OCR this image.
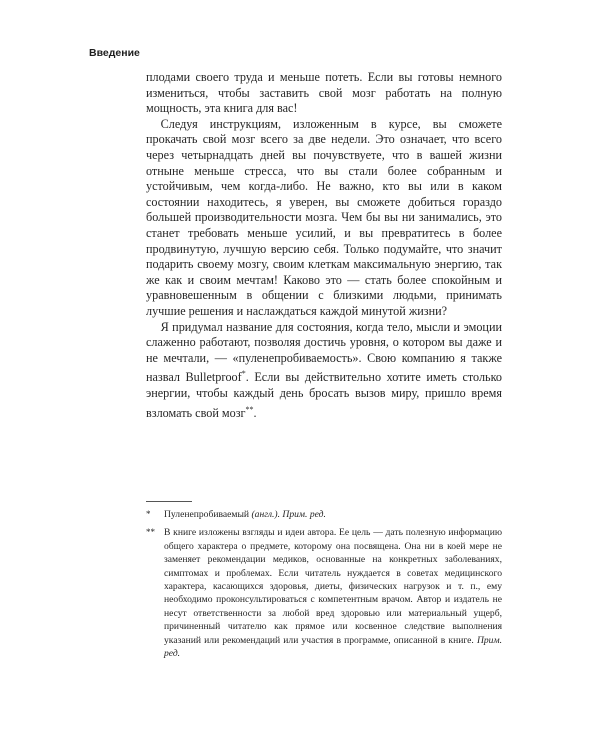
Введение

плодами своего труда и меньше потеть. Если вы готовы немного измениться, чтобы заставить свой мозг работать на полную мощность, эта книга для вас!

Следуя инструкциям, изложенным в курсе, вы сможете прокачать свой мозг всего за две недели. Это означает, что всего через четырнадцать дней вы почувствуете, что в вашей жизни отныне меньше стресса, что вы стали более собранным и устойчивым, чем когда-либо. Не важно, кто вы или в каком состоянии находитесь, я уверен, вы сможете добиться гораздо большей производительности мозга. Чем бы вы ни занимались, это станет требовать меньше усилий, и вы превратитесь в более продвинутую, лучшую версию себя. Только подумайте, что значит подарить своему мозгу, своим клеткам максимальную энергию, так же как и своим мечтам! Каково это — стать более спокойным и уравновешенным в общении с близкими людьми, принимать лучшие решения и наслаждаться каждой минутой жизни?

Я придумал название для состояния, когда тело, мысли и эмоции слаженно работают, позволяя достичь уровня, о котором вы даже и не мечтали, — «пуленепробиваемость». Свою компанию я также назвал Bulletproof*. Если вы действительно хотите иметь столько энергии, чтобы каждый день бросать вызов миру, пришло время взломать свой мозг**.

* Пуленепробиваемый (англ.). Прим. ред.
** В книге изложены взгляды и идеи автора. Ее цель — дать полезную информацию общего характера о предмете, которому она посвящена. Она ни в коей мере не заменяет рекомендации медиков, основанные на конкретных заболеваниях, симптомах и проблемах. Если читатель нуждается в советах медицинского характера, касающихся здоровья, диеты, физических нагрузок и т. п., ему необходимо проконсультироваться с компетентным врачом. Автор и издатель не несут ответственности за любой вред здоровью или материальный ущерб, причиненный читателю как прямое или косвенное следствие выполнения указаний или рекомендаций или участия в программе, описанной в книге. Прим. ред.
